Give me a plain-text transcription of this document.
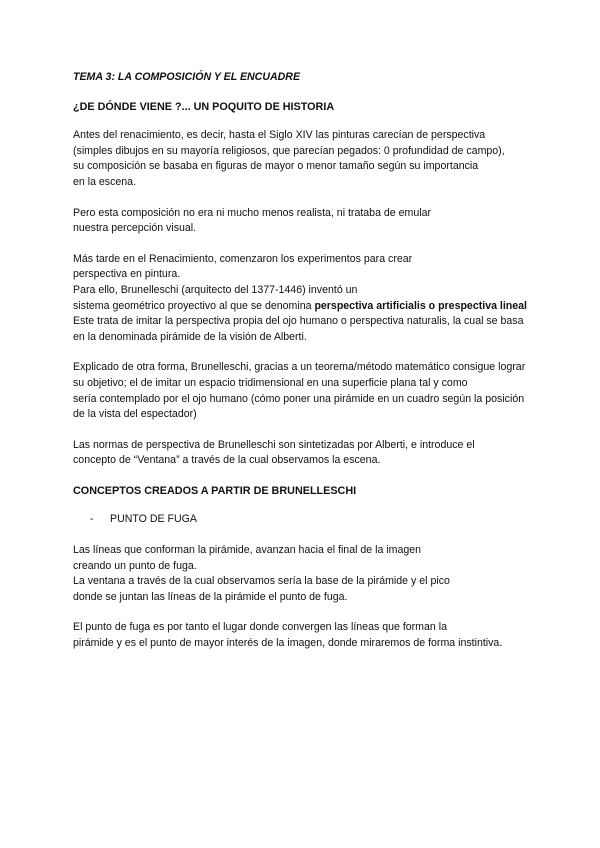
TEMA 3: LA COMPOSICIÓN Y EL ENCUADRE
¿DE DÓNDE VIENE ?... UN POQUITO DE HISTORIA
Antes del renacimiento, es decir, hasta el Siglo XIV las pinturas carecían de perspectiva
(simples dibujos en su mayoría religiosos, que parecían pegados: 0 profundidad de campo),
su composición se basaba en figuras de mayor o menor tamaño según su importancia
en la escena.
Pero esta composición no era ni mucho menos realista, ni trataba de emular
nuestra percepción visual.
Más tarde en el Renacimiento, comenzaron los experimentos para crear
perspectiva en pintura.
Para ello, Brunelleschi (arquitecto del 1377-1446) inventó un
sistema geométrico proyectivo al que se denomina perspectiva artificialis o prespectiva lineal
Este trata de imitar la perspectiva propia del ojo humano o perspectiva naturalis, la cual se basa
en la denominada pirámide de la visión de Alberti.
Explicado de otra forma, Brunelleschi, gracias a un teorema/método matemático consigue lograr
su objetivo; el de imitar un espacio tridimensional en una superficie plana tal y como
sería contemplado por el ojo humano (cómo poner una pirámide en un cuadro según la posición
de la vista del espectador)
Las normas de perspectiva de Brunelleschi son sintetizadas por Alberti, e introduce el
concepto de “Ventana” a través de la cual observamos la escena.
CONCEPTOS CREADOS A PARTIR DE BRUNELLESCHI
- PUNTO DE FUGA
Las líneas que conforman la pirámide, avanzan hacia el final de la imagen
creando un punto de fuga.
La ventana a través de la cual observamos sería la base de la pirámide y el pico
donde se juntan las líneas de la pirámide el punto de fuga.
El punto de fuga es por tanto el lugar donde convergen las líneas que forman la
pirámide y es el punto de mayor interés de la imagen, donde miraremos de forma instintiva.
